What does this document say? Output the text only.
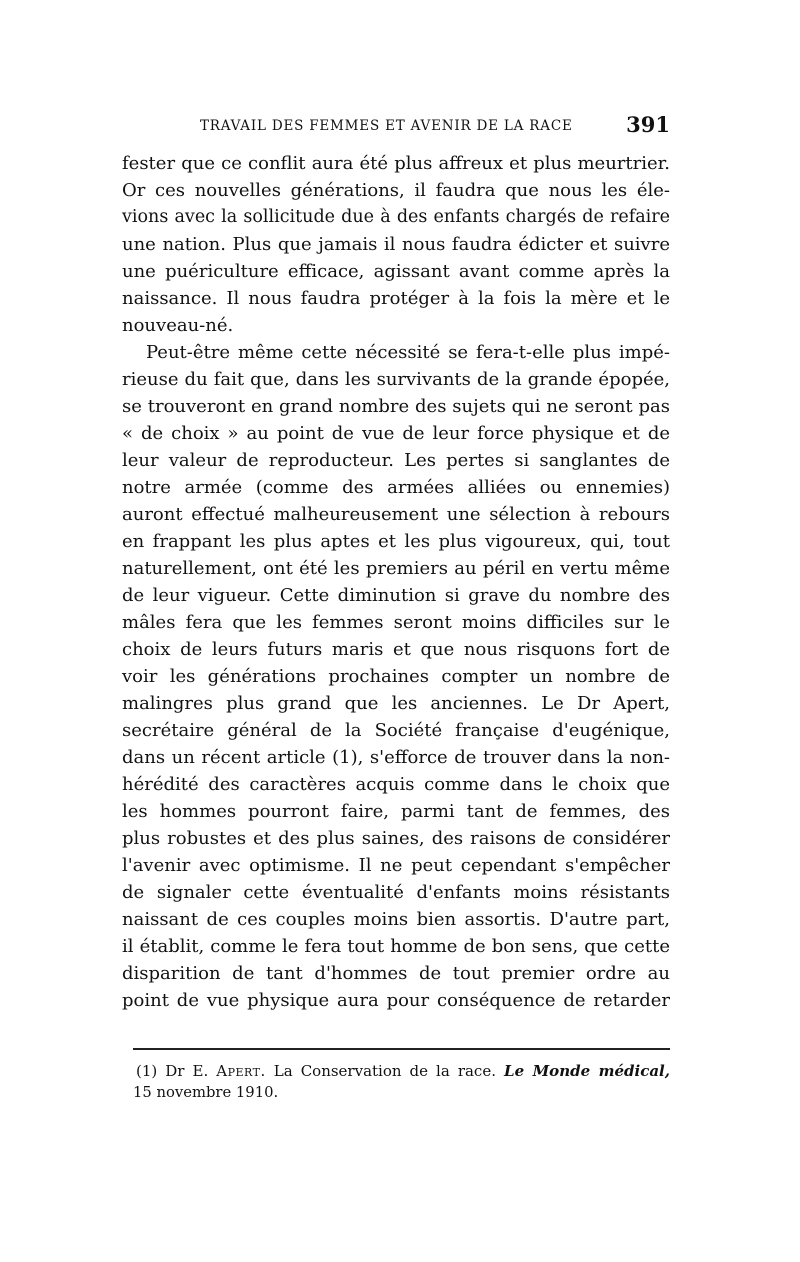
TRAVAIL DES FEMMES ET AVENIR DE LA RACE	391
fester que ce conflit aura été plus affreux et plus meurtrier.
Or ces nouvelles générations, il faudra que nous les éle-
vions avec la sollicitude due à des enfants chargés de refaire
une nation. Plus que jamais il nous faudra édicter et suivre
une puériculture efficace, agissant avant comme après la
naissance. Il nous faudra protéger à la fois la mère et le
nouveau-né.
Peut-être même cette nécessité se fera-t-elle plus impé-
rieuse du fait que, dans les survivants de la grande épopée,
se trouveront en grand nombre des sujets qui ne seront pas
« de choix » au point de vue de leur force physique et de
leur valeur de reproducteur. Les pertes si sanglantes de
notre armée (comme des armées alliées ou ennemies)
auront effectué malheureusement une sélection à rebours
en frappant les plus aptes et les plus vigoureux, qui, tout
naturellement, ont été les premiers au péril en vertu même
de leur vigueur. Cette diminution si grave du nombre des
mâles fera que les femmes seront moins difficiles sur le
choix de leurs futurs maris et que nous risquons fort de
voir les générations prochaines compter un nombre de
malingres plus grand que les anciennes. Le Dr Apert,
secrétaire général de la Société française d'eugénique,
dans un récent article (1), s'efforce de trouver dans la non-
hérédité des caractères acquis comme dans le choix que
les hommes pourront faire, parmi tant de femmes, des
plus robustes et des plus saines, des raisons de considérer
l'avenir avec optimisme. Il ne peut cependant s'empêcher
de signaler cette éventualité d'enfants moins résistants
naissant de ces couples moins bien assortis. D'autre part,
il établit, comme le fera tout homme de bon sens, que cette
disparition de tant d'hommes de tout premier ordre au
point de vue physique aura pour conséquence de retarder
(1) Dr E. Apert. La Conservation de la race. Le Monde médical,
15 novembre 1910.
